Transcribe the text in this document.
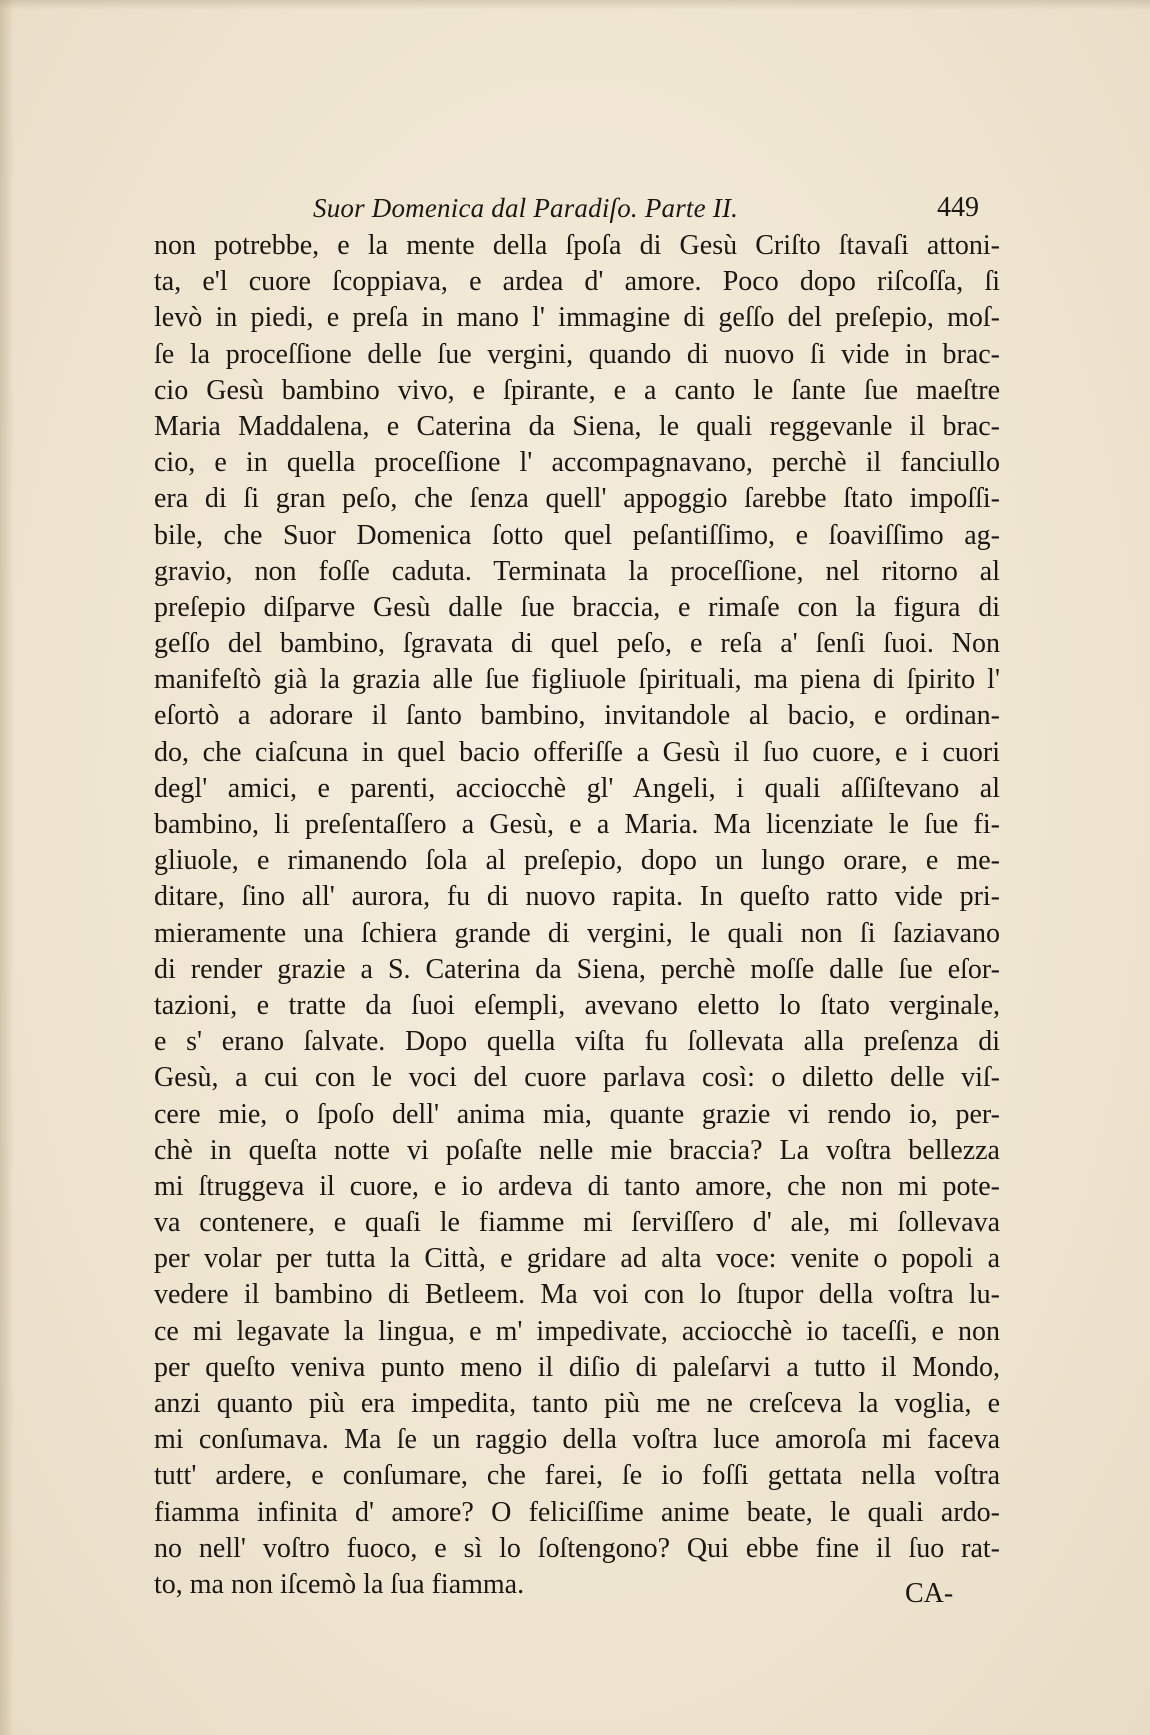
Suor Domenica dal Paradiſo. Parte II.	449
non potrebbe, e la mente della ſpoſa di Gesù Criſto ſtavaſi attoni-
ta, e'l cuore ſcoppiava, e ardea d' amore. Poco dopo riſcoſſa, ſi
levò in piedi, e preſa in mano l' immagine di geſſo del preſepio, moſ-
ſe la proceſſione delle ſue vergini, quando di nuovo ſi vide in brac-
cio Gesù bambino vivo, e ſpirante, e a canto le ſante ſue maeſtre
Maria Maddalena, e Caterina da Siena, le quali reggevanle il brac-
cio, e in quella proceſſione l' accompagnavano, perchè il fanciullo
era di ſi gran peſo, che ſenza quell' appoggio ſarebbe ſtato impoſſi-
bile, che Suor Domenica ſotto quel peſantiſſimo, e ſoaviſſimo ag-
gravio, non foſſe caduta. Terminata la proceſſione, nel ritorno al
preſepio diſparve Gesù dalle ſue braccia, e rimaſe con la figura di
geſſo del bambino, ſgravata di quel peſo, e reſa a' ſenſi ſuoi. Non
manifeſtò già la grazia alle ſue figliuole ſpirituali, ma piena di ſpirito l'
eſortò a adorare il ſanto bambino, invitandole al bacio, e ordinan-
do, che ciaſcuna in quel bacio offeriſſe a Gesù il ſuo cuore, e i cuori
degl' amici, e parenti, acciocchè gl' Angeli, i quali aſſiſtevano al
bambino, li preſentaſſero a Gesù, e a Maria. Ma licenziate le ſue fi-
gliuole, e rimanendo ſola al preſepio, dopo un lungo orare, e me-
ditare, ſino all' aurora, fu di nuovo rapita. In queſto ratto vide pri-
mieramente una ſchiera grande di vergini, le quali non ſi ſaziavano
di render grazie a S. Caterina da Siena, perchè moſſe dalle ſue eſor-
tazioni, e tratte da ſuoi eſempli, avevano eletto lo ſtato verginale,
e s' erano ſalvate. Dopo quella viſta fu ſollevata alla preſenza di
Gesù, a cui con le voci del cuore parlava così: o diletto delle viſ-
cere mie, o ſpoſo dell' anima mia, quante grazie vi rendo io, per-
chè in queſta notte vi poſaſte nelle mie braccia? La voſtra bellezza
mi ſtruggeva il cuore, e io ardeva di tanto amore, che non mi pote-
va contenere, e quaſi le fiamme mi ſerviſſero d' ale, mi ſollevava
per volar per tutta la Città, e gridare ad alta voce: venite o popoli a
vedere il bambino di Betleem. Ma voi con lo ſtupor della voſtra lu-
ce mi legavate la lingua, e m' impedivate, acciocchè io taceſſi, e non
per queſto veniva punto meno il diſio di paleſarvi a tutto il Mondo,
anzi quanto più era impedita, tanto più me ne creſceva la voglia, e
mi conſumava. Ma ſe un raggio della voſtra luce amoroſa mi faceva
tutt' ardere, e conſumare, che farei, ſe io foſſi gettata nella voſtra
fiamma infinita d' amore? O feliciſſime anime beate, le quali ardo-
no nell' voſtro fuoco, e sì lo ſoſtengono? Qui ebbe fine il ſuo rat-
to, ma non iſcemò la ſua fiamma.	CA-
